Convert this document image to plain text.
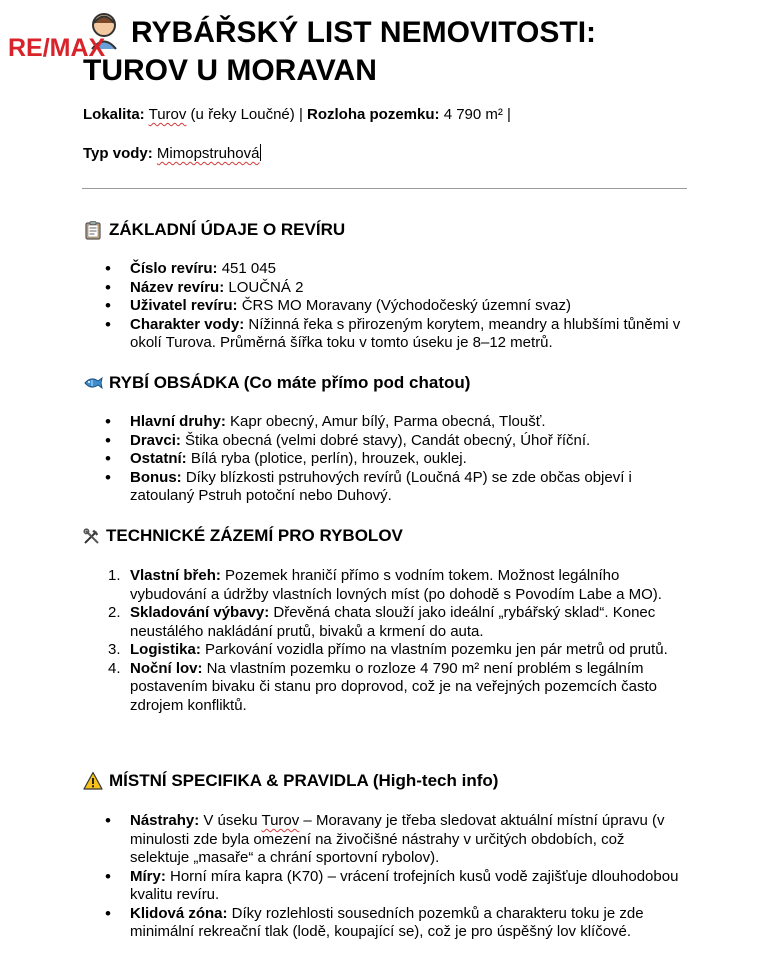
RE/MAX RYBÁŘSKÝ LIST NEMOVITOSTI:
TUROV U MORAVAN
Lokalita: Turov (u řeky Loučné) | Rozloha pozemku: 4 790 m² |
Typ vody: Mimopstruhová
ZÁKLADNÍ ÚDAJE O REVÍRU
• Číslo revíru: 451 045
• Název revíru: LOUČNÁ 2
• Uživatel revíru: ČRS MO Moravany (Východočeský územní svaz)
• Charakter vody: Nížinná řeka s přirozeným korytem, meandry a hlubšími tůněmi v okolí Turova. Průměrná šířka toku v tomto úseku je 8–12 metrů.
RYBÍ OBSÁDKA (Co máte přímo pod chatou)
• Hlavní druhy: Kapr obecný, Amur bílý, Parma obecná, Tloušť.
• Dravci: Štika obecná (velmi dobré stavy), Candát obecný, Úhoř říční.
• Ostatní: Bílá ryba (plotice, perlín), hrouzek, ouklej.
• Bonus: Díky blízkosti pstruhových revírů (Loučná 4P) se zde občas objeví i zatoulaný Pstruh potoční nebo Duhový.
TECHNICKÉ ZÁZEMÍ PRO RYBOLOV
1. Vlastní břeh: Pozemek hraničí přímo s vodním tokem. Možnost legálního vybudování a údržby vlastních lovných míst (po dohodě s Povodím Labe a MO).
2. Skladování výbavy: Dřevěná chata slouží jako ideální „rybářský sklad“. Konec neustálého nakládání prutů, bivaků a krmení do auta.
3. Logistika: Parkování vozidla přímo na vlastním pozemku jen pár metrů od prutů.
4. Noční lov: Na vlastním pozemku o rozloze 4 790 m² není problém s legálním postavením bivaku či stanu pro doprovod, což je na veřejných pozemcích často zdrojem konfliktů.
MÍSTNÍ SPECIFIKA & PRAVIDLA (High-tech info)
• Nástrahy: V úseku Turov – Moravany je třeba sledovat aktuální místní úpravu (v minulosti zde byla omezení na živočišné nástrahy v určitých obdobích, což selektuje „masaře“ a chrání sportovní rybolov).
• Míry: Horní míra kapra (K70) – vrácení trofejních kusů vodě zajišťuje dlouhodobou kvalitu revíru.
• Klidová zóna: Díky rozlehlosti sousedních pozemků a charakteru toku je zde minimální rekreační tlak (lodě, koupající se), což je pro úspěšný lov klíčové.
